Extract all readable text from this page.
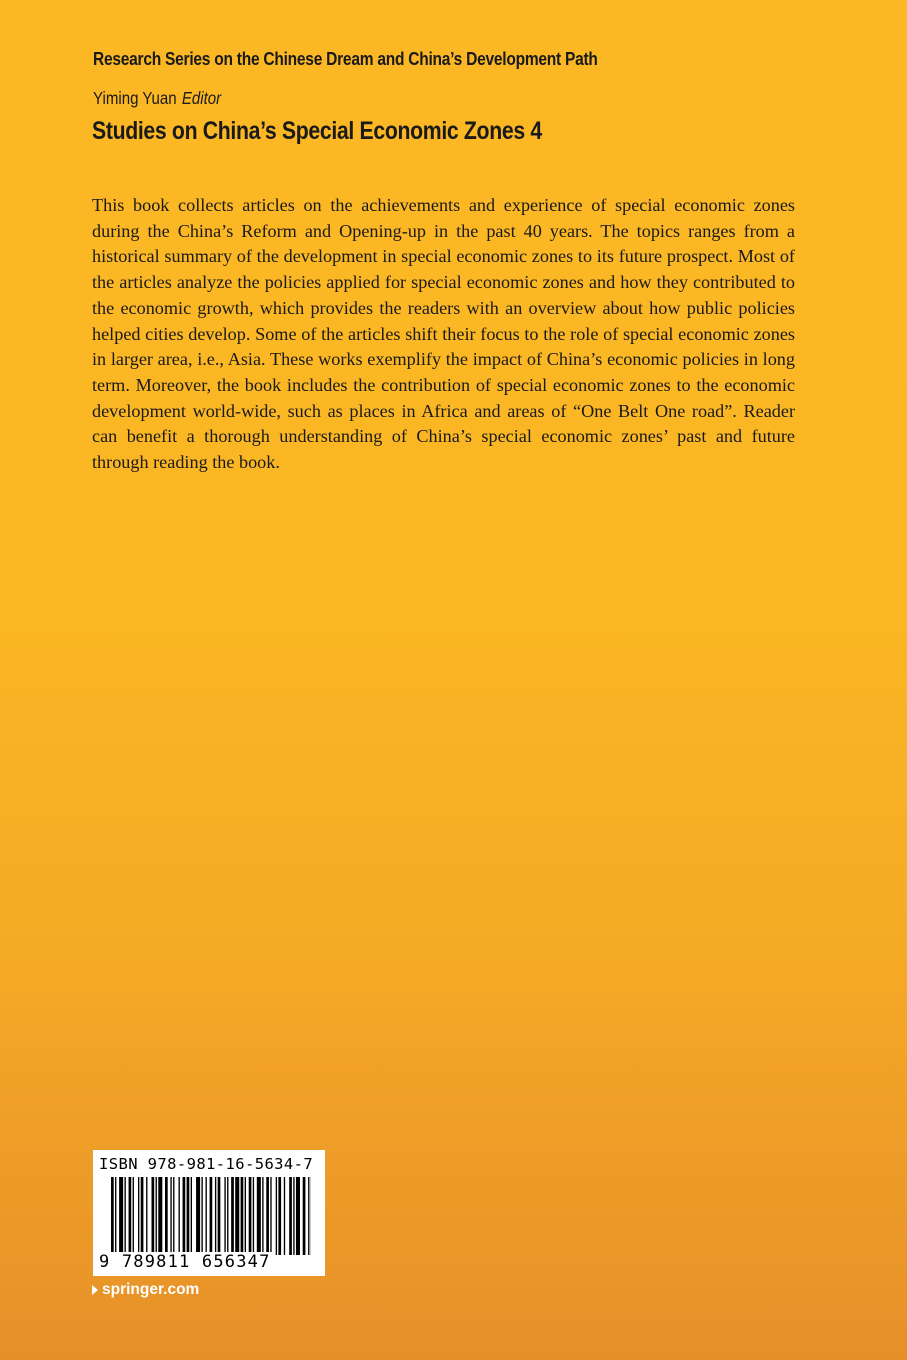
Research Series on the Chinese Dream and China’s Development Path
Yiming Yuan Editor
Studies on China’s Special Economic Zones 4

This book collects articles on the achievements and experience of special economic zones during the China’s Reform and Opening-up in the past 40 years. The topics ranges from a historical summary of the development in special economic zones to its future prospect. Most of the articles analyze the policies applied for special economic zones and how they contributed to the economic growth, which provides the readers with an overview about how public policies helped cities develop. Some of the articles shift their focus to the role of special economic zones in larger area, i.e., Asia. These works exemplify the impact of China’s economic policies in long term. Moreover, the book includes the contribution of special economic zones to the economic development world-wide, such as places in Africa and areas of “One Belt One road”. Reader can benefit a thorough understanding of China’s special economic zones’ past and future through reading the book.

ISBN 978-981-16-5634-7
9 789811 656347
springer.com
